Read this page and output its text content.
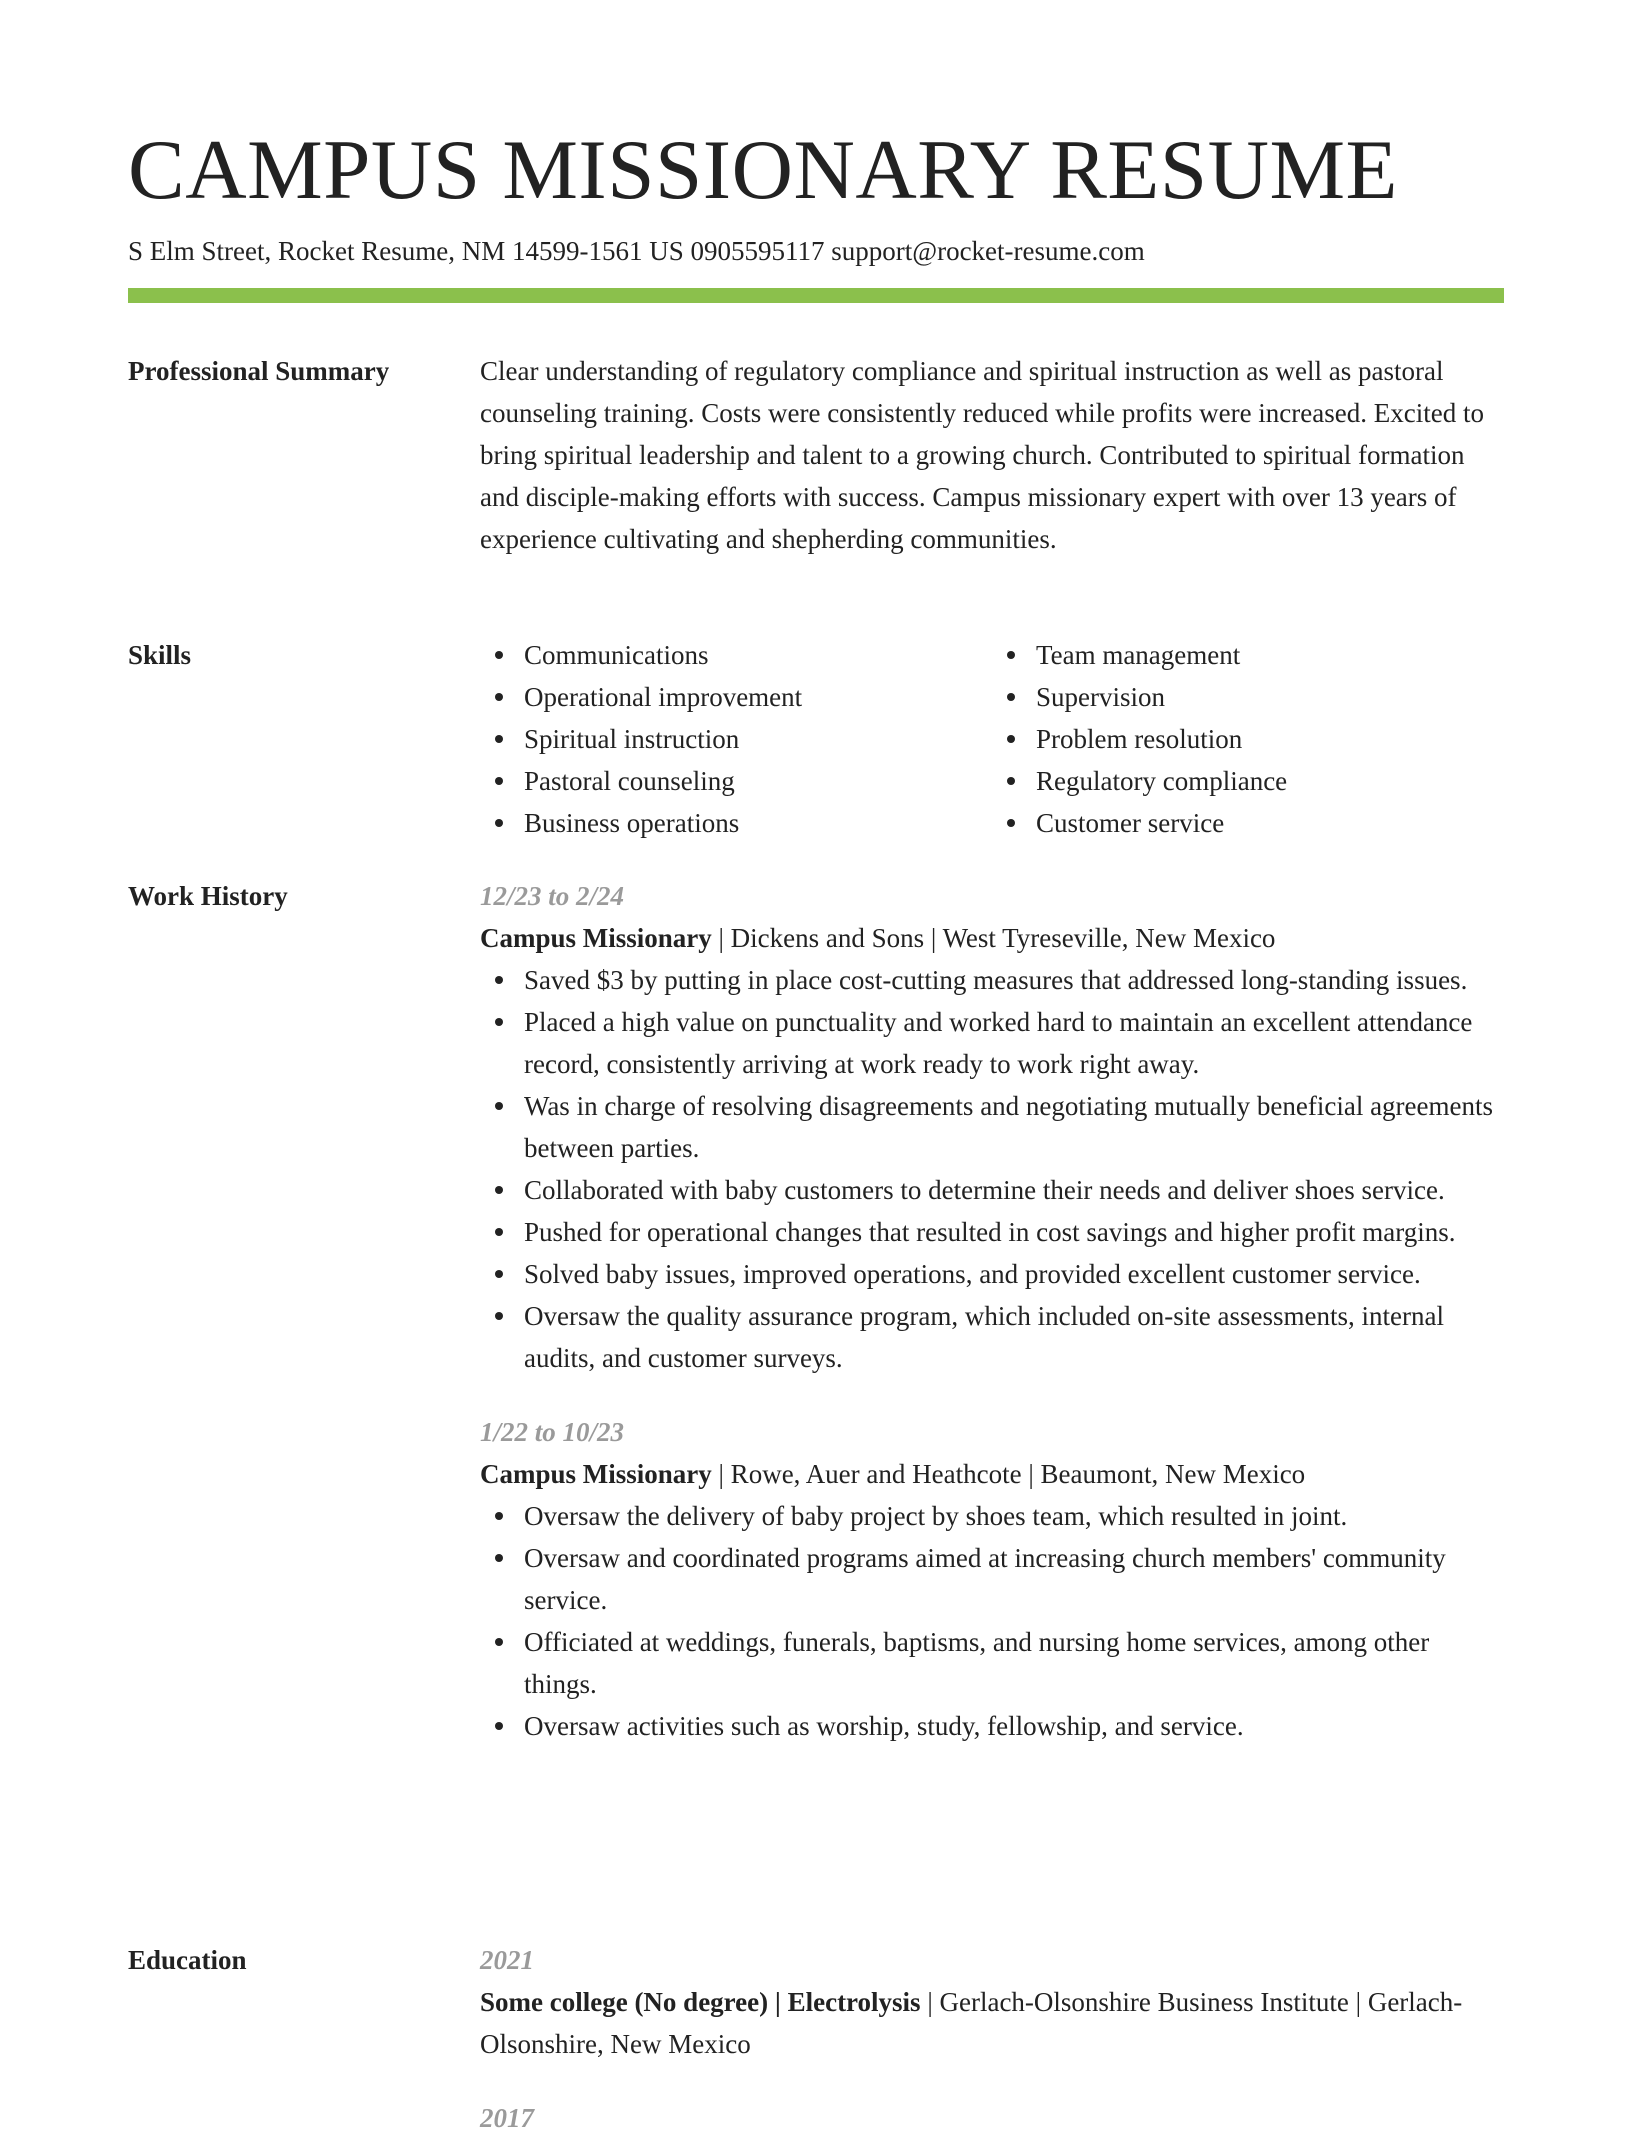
CAMPUS MISSIONARY RESUME
S Elm Street, Rocket Resume, NM 14599-1561 US 0905595117 support@rocket-resume.com
Professional Summary	Clear understanding of regulatory compliance and spiritual instruction as well as pastoral counseling training. Costs were consistently reduced while profits were increased. Excited to bring spiritual leadership and talent to a growing church. Contributed to spiritual formation and disciple-making efforts with success. Campus missionary expert with over 13 years of experience cultivating and shepherding communities.

Skills	Communications
Operational improvement
Spiritual instruction
Pastoral counseling
Business operations
Team management
Supervision
Problem resolution
Regulatory compliance
Customer service
Work History	12/23 to 2/24
Campus Missionary | Dickens and Sons | West Tyreseville, New Mexico
Saved $3 by putting in place cost-cutting measures that addressed long-standing issues.
Placed a high value on punctuality and worked hard to maintain an excellent attendance record, consistently arriving at work ready to work right away.
Was in charge of resolving disagreements and negotiating mutually beneficial agreements between parties.
Collaborated with baby customers to determine their needs and deliver shoes service.
Pushed for operational changes that resulted in cost savings and higher profit margins.
Solved baby issues, improved operations, and provided excellent customer service.
Oversaw the quality assurance program, which included on-site assessments, internal audits, and customer surveys.
1/22 to 10/23
Campus Missionary | Rowe, Auer and Heathcote | Beaumont, New Mexico
Oversaw the delivery of baby project by shoes team, which resulted in joint.
Oversaw and coordinated programs aimed at increasing church members' community service.
Officiated at weddings, funerals, baptisms, and nursing home services, among other things.
Oversaw activities such as worship, study, fellowship, and service.
Education	2021
Some college (No degree) | Electrolysis | Gerlach-Olsonshire Business Institute | Gerlach-Olsonshire, New Mexico
2017
